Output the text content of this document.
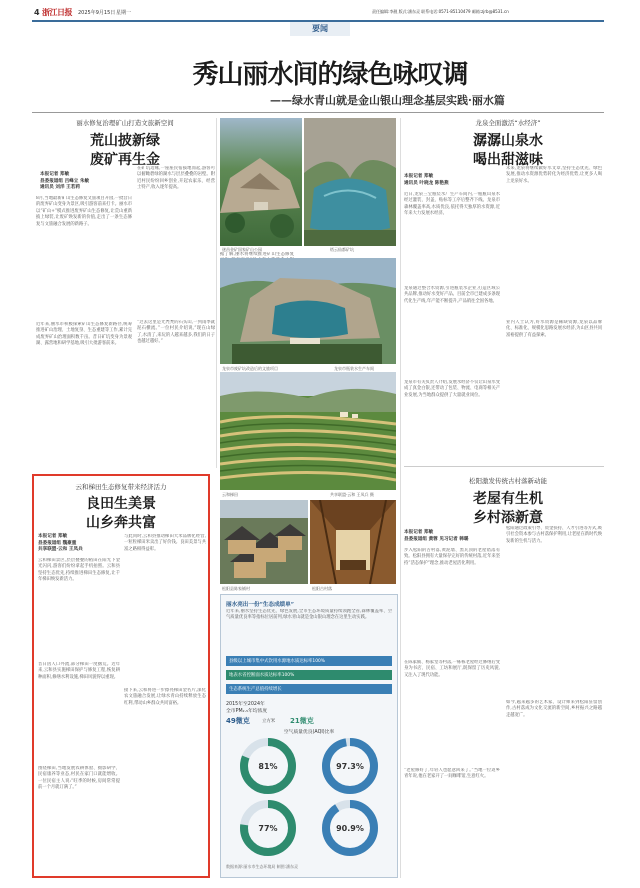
4 浙江日报 2025年9月15日 星期一	责任编辑:李靓 版式:潘东灵 联系电话:0571-85110479 邮箱:zjrb@8531.cn
要闻
秀山丽水间的绿色咏叹调
——绿水青山就是金山银山理念基层实践·丽水篇
丽水修复治理矿山打造文旅新空间
荒山披新绿
废矿再生金
本报记者 郑敏
县委报道组 吕峰立 朱敏
通讯员 刘洋 王若莉
8月,当地最新矿山生态修复文旅项目开园,一批昔日的废弃矿山变身为景区,吸引游客前来打卡。丽水市以“矿山+”模式推进废弃矿山生态修复,让荒山重新披上绿装,让废矿焕发新的价值,走出了一条生态修复与文旅融合发展的新路子。
近年来,丽水市积极探索矿山生态修复新路径,统筹推进矿山治理、土地复垦、生态重建等工作,累计完成废弃矿山治理面积数千亩。昔日矿坑变身为景观湖、露营地和研学基地,吸引大批游客前来。
在矿坑边缘,一座座民宿拔地而起,游客可以俯瞰碧绿的湖水与层层叠叠的岩壁。附近村民纷纷回乡创业,开起农家乐、经营土特产,收入逐年提高。
“过去这里是光秃秃的石头山,一到雨季就泥石横流。”一位村民介绍说,“现在山绿了,水清了,来玩的人越来越多,我们的日子也越过越好。”
据了解,丽水将继续推进矿山生态修复
遂昌金矿国家矿山公园	缙云仙都矿坑
龙泉市废矿坑改造后的文旅项目	龙泉市瓶装水生产车间
龙泉全面激活“水经济”
潺潺山泉水
喝出甜滋味
本报记者 郑敏
通讯员 叶晓龙 陈艳燕
近日,龙泉三宝瓶装水厂生产车间内,一瓶瓶山泉水经过灌装、封盖、贴标等工序后整齐下线。龙泉市森林覆盖率高,水质优良,依托得天独厚的水资源,近年来大力发展水经济。
龙泉通过整合水资源,引进瓶装水企业,打造区域公共品牌,推动好水变好产品。目前全市已建成多条现代化生产线,年产能不断提升,产品销往全国各地。
龙泉市有关负责人介绍,发展水经济不仅让山泉水变成了真金白银,还带动了包装、物流、电商等相关产业发展,为当地群众提供了大量就业岗位。
未来,龙泉将继续做好水文章,坚持生态优先、绿色发展,推动水资源优势转化为经济优势,让更多人喝上龙泉好水。
业内人士认为,好水资源是稀缺资源,龙泉以品牌化、标准化、规模化思路发展水经济,为山区县共同富裕提供了有益探索。
云和梯田生态修复带来经济活力
良田生美景
山乡奔共富
本报记者 郑敏
县委报道组 魏豪重
共享联盟·云和 王凤兵
云和梯田景区,层层叠叠的稻田在阳光下金光闪闪,游客们纷纷拿起手机拍照。云和县坚持生态优先,持续推进梯田生态修复,让千年梯田焕发新活力。
昔日因人口外流,部分梯田一度撂荒。近年来,云和县实施梯田保护与修复工程,恢复耕种面积,修缮水利设施,梯田风貌得以重现。
围绕梯田,当地发展农耕体验、摄影研学、民宿康养等业态,村民在家门口就能增收。一位民宿主人说:“旺季的时候,房间常常提前一个月就订满了。”
与此同时,云和县推动梯田大米品牌化经营,一粒粒梯田米卖出了好价钱。良田美景与共富之路相得益彰。
接下来,云和将进一步擦亮梯田金名片,深化农文旅融合发展,让绿水青山持续释放生态红利,带动山乡群众共同富裕。
云和梯田	共享联盟·云和 王凤兵 摄
松阳激发传统古村落新动能
老屋有生机
乡村添新意
本报记者 郑敏
县委报道组 黄蓉 见习记者 韩璐
步入松阳的古村落,黄泥墙、黑瓦顶的老屋错落有致。松阳县拥有大量保存完好的传统村落,近年来坚持“活态保护”理念,推动老屋活化利用。
在陈家铺、杨家堂等村落,一栋栋老屋经过修缮后变身为书店、民宿、工坊和展厅,既保留了历史风貌,又注入了现代功能。
“老屋修好了,年轻人也愿意回来了。”当地一位返乡青年说,他在老家开了一间咖啡馆,生意红火。
松阳通过政策引导、资金扶持、人才引进等方式,吸引社会资本参与古村落保护利用,让老屋在新时代焕发新的生机与活力。
如今,越来越多的艺术家、设计师来到松阳驻留创作,古村落成为文化交流的新空间,乡村振兴之路越走越宽广。
松阳县陈家铺村	松阳古村落
丽水亮出一份“生态成绩单”
近年来,丽水坚持生态优先、绿色发展,全市生态环境质量持续领跑全省,森林覆盖率、空气质量优良率等指标位居前列,绿水青山就是金山银山理念在这里生动实践。
县级以上城市集中式饮用水源地水质达标率100%
地表水省控断面水质达标率100%
生态系统生产总值持续增长
2015年至2024年
全市PM₂.₅年均浓度
49微克	立方米 21微克
空气质量优良(AQI)比率
81%	97.3%
77%	90.9%
数据来源:丽水市生态环境局 制图:潘东灵
